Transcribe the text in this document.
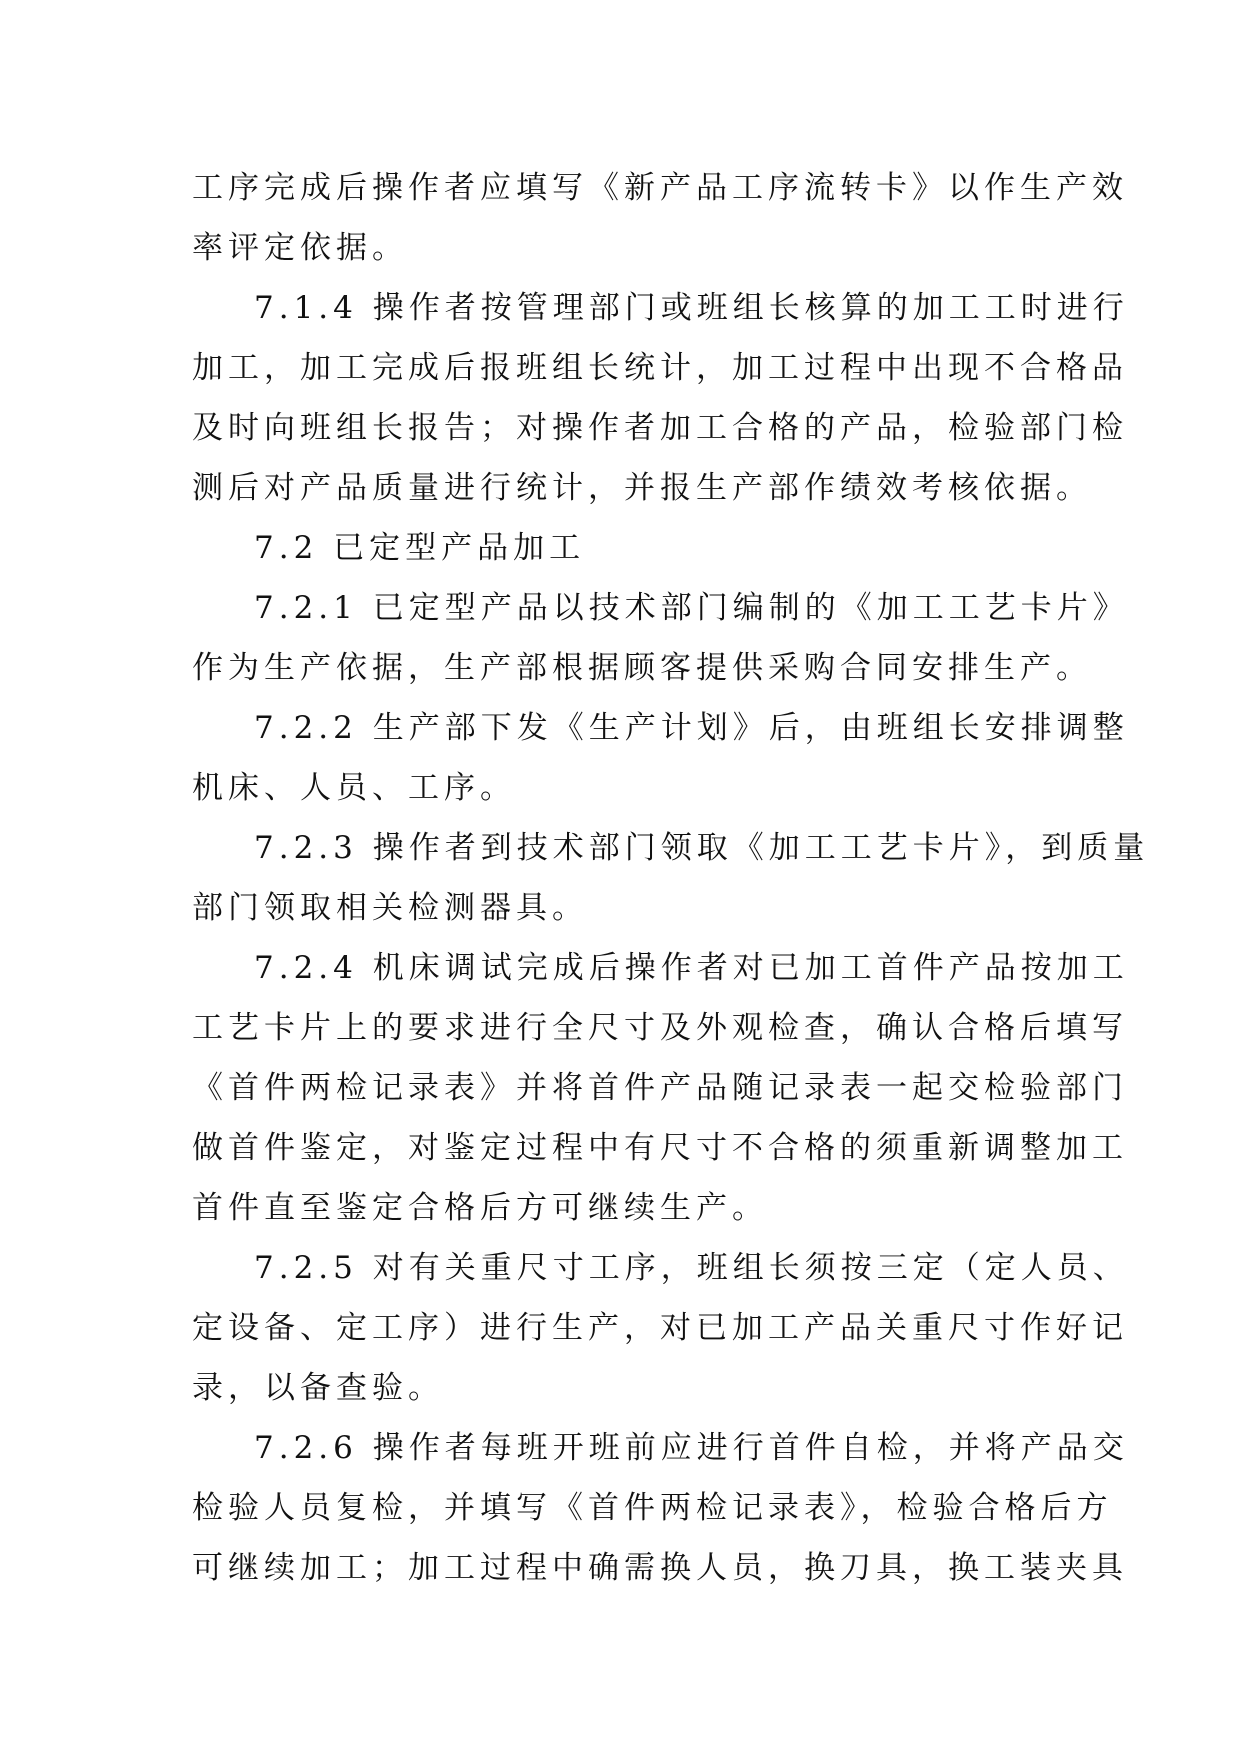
工序完成后操作者应填写《新产品工序流转卡》以作生产效
率评定依据。
7.1.4 操作者按管理部门或班组长核算的加工工时进行
加工，加工完成后报班组长统计，加工过程中出现不合格品
及时向班组长报告；对操作者加工合格的产品，检验部门检
测后对产品质量进行统计，并报生产部作绩效考核依据。
7.2 已定型产品加工
7.2.1 已定型产品以技术部门编制的《加工工艺卡片》
作为生产依据，生产部根据顾客提供采购合同安排生产。
7.2.2 生产部下发《生产计划》后，由班组长安排调整
机床、人员、工序。
7.2.3 操作者到技术部门领取《加工工艺卡片》，到质量
部门领取相关检测器具。
7.2.4 机床调试完成后操作者对已加工首件产品按加工
工艺卡片上的要求进行全尺寸及外观检查，确认合格后填写
《首件两检记录表》并将首件产品随记录表一起交检验部门
做首件鉴定，对鉴定过程中有尺寸不合格的须重新调整加工
首件直至鉴定合格后方可继续生产。
7.2.5 对有关重尺寸工序，班组长须按三定（定人员、
定设备、定工序）进行生产，对已加工产品关重尺寸作好记
录，以备查验。
7.2.6 操作者每班开班前应进行首件自检，并将产品交
检验人员复检，并填写《首件两检记录表》，检验合格后方
可继续加工；加工过程中确需换人员，换刀具，换工装夹具
